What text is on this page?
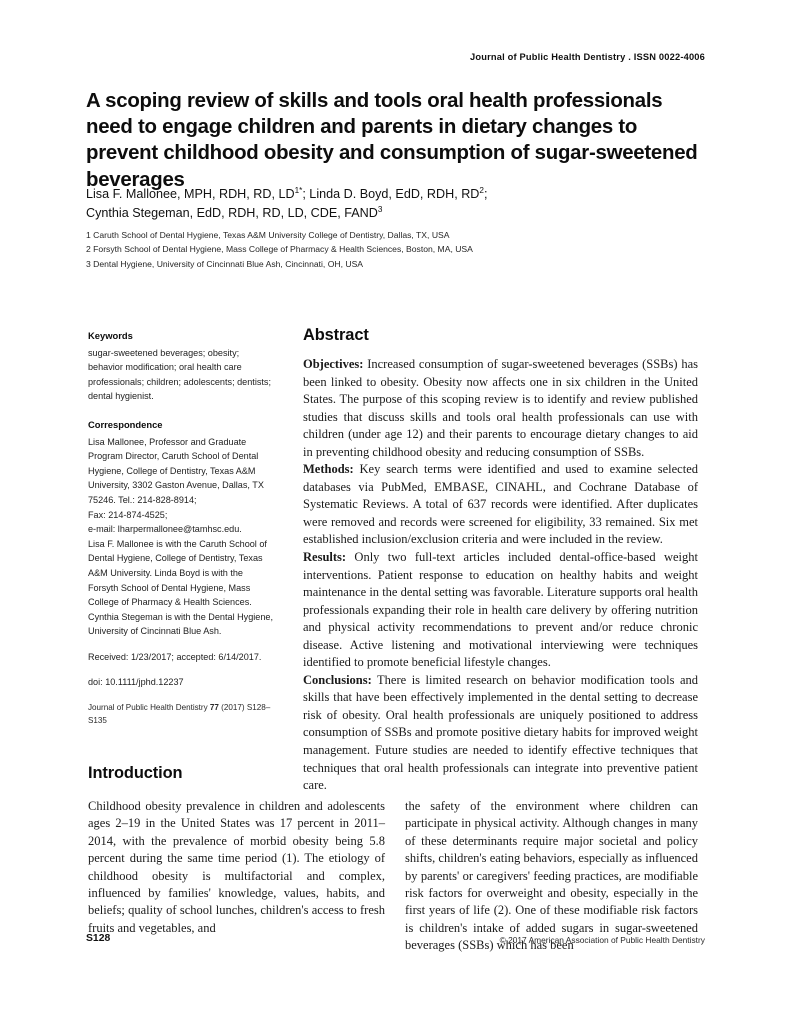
Journal of Public Health Dentistry . ISSN 0022-4006
A scoping review of skills and tools oral health professionals need to engage children and parents in dietary changes to prevent childhood obesity and consumption of sugar-sweetened beverages
Lisa F. Mallonee, MPH, RDH, RD, $LD^{1*}$; Linda D. Boyd, EdD, RDH, $RD^2$;
Cynthia Stegeman, EdD, RDH, RD, LD, CDE, FAND$^3$
1 Caruth School of Dental Hygiene, Texas A&M University College of Dentistry, Dallas, TX, USA
2 Forsyth School of Dental Hygiene, Mass College of Pharmacy & Health Sciences, Boston, MA, USA
3 Dental Hygiene, University of Cincinnati Blue Ash, Cincinnati, OH, USA
Keywords

sugar-sweetened beverages; obesity; behavior modification; oral health care professionals; children; adolescents; dentists; dental hygienist.

Correspondence

Lisa Mallonee, Professor and Graduate Program Director, Caruth School of Dental Hygiene, College of Dentistry, Texas A&M University, 3302 Gaston Avenue, Dallas, TX 75246. Tel.: 214-828-8914;

Fax: 214-874-4525;

e-mail: lharpermallonee@tamhsc.edu.

Lisa F. Mallonee is with the Caruth School of Dental Hygiene, College of Dentistry, Texas A&M University. Linda Boyd is with the Forsyth School of Dental Hygiene, Mass College of Pharmacy & Health Sciences. Cynthia Stegeman is with the Dental Hygiene, University of Cincinnati Blue Ash.

Received: 1/23/2017; accepted: 6/14/2017.

doi: 10.1111/jphd.12237

Journal of Public Health Dentistry 77 (2017) S128–S135

Abstract

Objectives: Increased consumption of sugar-sweetened beverages (SSBs) has been linked to obesity. Obesity now affects one in six children in the United States. The purpose of this scoping review is to identify and review published studies that discuss skills and tools oral health professionals can use with children (under age 12) and their parents to encourage dietary changes to aid in preventing childhood obesity and reducing consumption of SSBs.

Methods: Key search terms were identified and used to examine selected databases via PubMed, EMBASE, CINAHL, and Cochrane Database of Systematic Reviews. A total of 637 records were identified. After duplicates were removed and records were screened for eligibility, 33 remained. Six met established inclusion/exclusion criteria and were included in the review.

Results: Only two full-text articles included dental-office-based weight interventions. Patient response to education on healthy habits and weight maintenance in the dental setting was favorable. Literature supports oral health professionals expanding their role in health care delivery by offering nutrition and physical activity recommendations to prevent and/or reduce chronic disease. Active listening and motivational interviewing were techniques identified to promote beneficial lifestyle changes.

Conclusions: There is limited research on behavior modification tools and skills that have been effectively implemented in the dental setting to decrease risk of obesity. Oral health professionals are uniquely positioned to address consumption of SSBs and promote positive dietary habits for improved weight management. Future studies are needed to identify effective techniques that techniques that oral health professionals can integrate into preventive patient care.

Introduction

Childhood obesity prevalence in children and adolescents ages 2–19 in the United States was 17 percent in 2011–2014, with the prevalence of morbid obesity being 5.8 percent during the same time period (1). The etiology of childhood obesity is multifactorial and complex, influenced by families' knowledge, values, habits, and beliefs; quality of school lunches, children's access to fresh fruits and vegetables, and

the safety of the environment where children can participate in physical activity. Although changes in many of these determinants require major societal and policy shifts, children's eating behaviors, especially as influenced by parents' or caregivers' feeding practices, are modifiable risk factors for overweight and obesity, especially in the first years of life (2). One of these modifiable risk factors is children's intake of added sugars in sugar-sweetened beverages (SSBs) which has been

S128	© 2017 American Association of Public Health Dentistry
